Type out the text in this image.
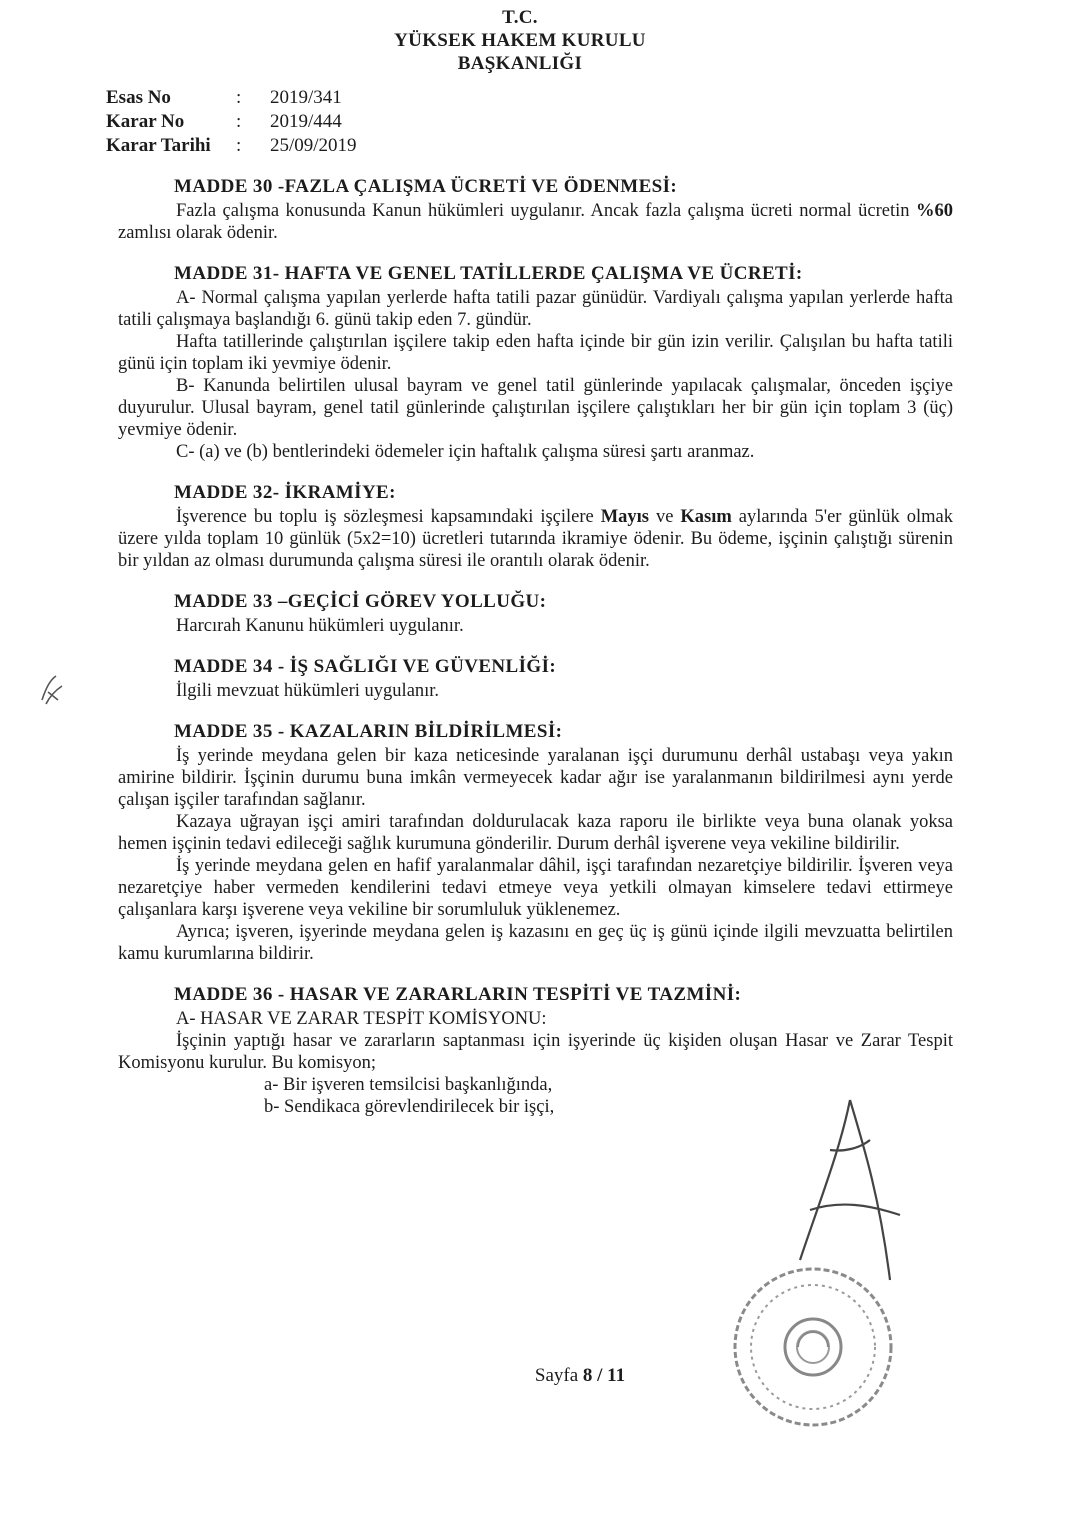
T.C.
YÜKSEK HAKEM KURULU
BAŞKANLIĞI
Esas No	:	2019/341
Karar No	:	2019/444
Karar Tarihi	:	25/09/2019

MADDE 30 -FAZLA ÇALIŞMA ÜCRETİ VE ÖDENMESİ:

Fazla çalışma konusunda Kanun hükümleri uygulanır. Ancak fazla çalışma ücreti normal ücretin %60 zamlısı olarak ödenir.

MADDE 31- HAFTA VE GENEL TATİLLERDE ÇALIŞMA VE ÜCRETİ:

A- Normal çalışma yapılan yerlerde hafta tatili pazar günüdür. Vardiyalı çalışma yapılan yerlerde hafta tatili çalışmaya başlandığı 6. günü takip eden 7. gündür.

Hafta tatillerinde çalıştırılan işçilere takip eden hafta içinde bir gün izin verilir. Çalışılan bu hafta tatili günü için toplam iki yevmiye ödenir.

B- Kanunda belirtilen ulusal bayram ve genel tatil günlerinde yapılacak çalışmalar, önceden işçiye duyurulur. Ulusal bayram, genel tatil günlerinde çalıştırılan işçilere çalıştıkları her bir gün için toplam 3 (üç) yevmiye ödenir.

C- (a) ve (b) bentlerindeki ödemeler için haftalık çalışma süresi şartı aranmaz.

MADDE 32- İKRAMİYE:

İşverence bu toplu iş sözleşmesi kapsamındaki işçilere Mayıs ve Kasım aylarında 5'er günlük olmak üzere yılda toplam 10 günlük (5x2=10) ücretleri tutarında ikramiye ödenir. Bu ödeme, işçinin çalıştığı sürenin bir yıldan az olması durumunda çalışma süresi ile orantılı olarak ödenir.

MADDE 33 –GEÇİCİ GÖREV YOLLUĞU:

Harcırah Kanunu hükümleri uygulanır.

MADDE 34 - İŞ SAĞLIĞI VE GÜVENLİĞİ:

İlgili mevzuat hükümleri uygulanır.

MADDE 35 - KAZALARIN BİLDİRİLMESİ:

İş yerinde meydana gelen bir kaza neticesinde yaralanan işçi durumunu derhâl ustabaşı veya yakın amirine bildirir. İşçinin durumu buna imkân vermeyecek kadar ağır ise yaralanmanın bildirilmesi aynı yerde çalışan işçiler tarafından sağlanır.

Kazaya uğrayan işçi amiri tarafından doldurulacak kaza raporu ile birlikte veya buna olanak yoksa hemen işçinin tedavi edileceği sağlık kurumuna gönderilir. Durum derhâl işverene veya vekiline bildirilir.

İş yerinde meydana gelen en hafif yaralanmalar dâhil, işçi tarafından nezaretçiye bildirilir. İşveren veya nezaretçiye haber vermeden kendilerini tedavi etmeye veya yetkili olmayan kimselere tedavi ettirmeye çalışanlara karşı işverene veya vekiline bir sorumluluk yüklenemez.

Ayrıca; işveren, işyerinde meydana gelen iş kazasını en geç üç iş günü içinde ilgili mevzuatta belirtilen kamu kurumlarına bildirir.

MADDE 36 - HASAR VE ZARARLARIN TESPİTİ VE TAZMİNİ:

A- HASAR VE ZARAR TESPİT KOMİSYONU:

İşçinin yaptığı hasar ve zararların saptanması için işyerinde üç kişiden oluşan Hasar ve Zarar Tespit Komisyonu kurulur. Bu komisyon;

a- Bir işveren temsilcisi başkanlığında,

b- Sendikaca görevlendirilecek bir işçi,

Sayfa 8 / 11
